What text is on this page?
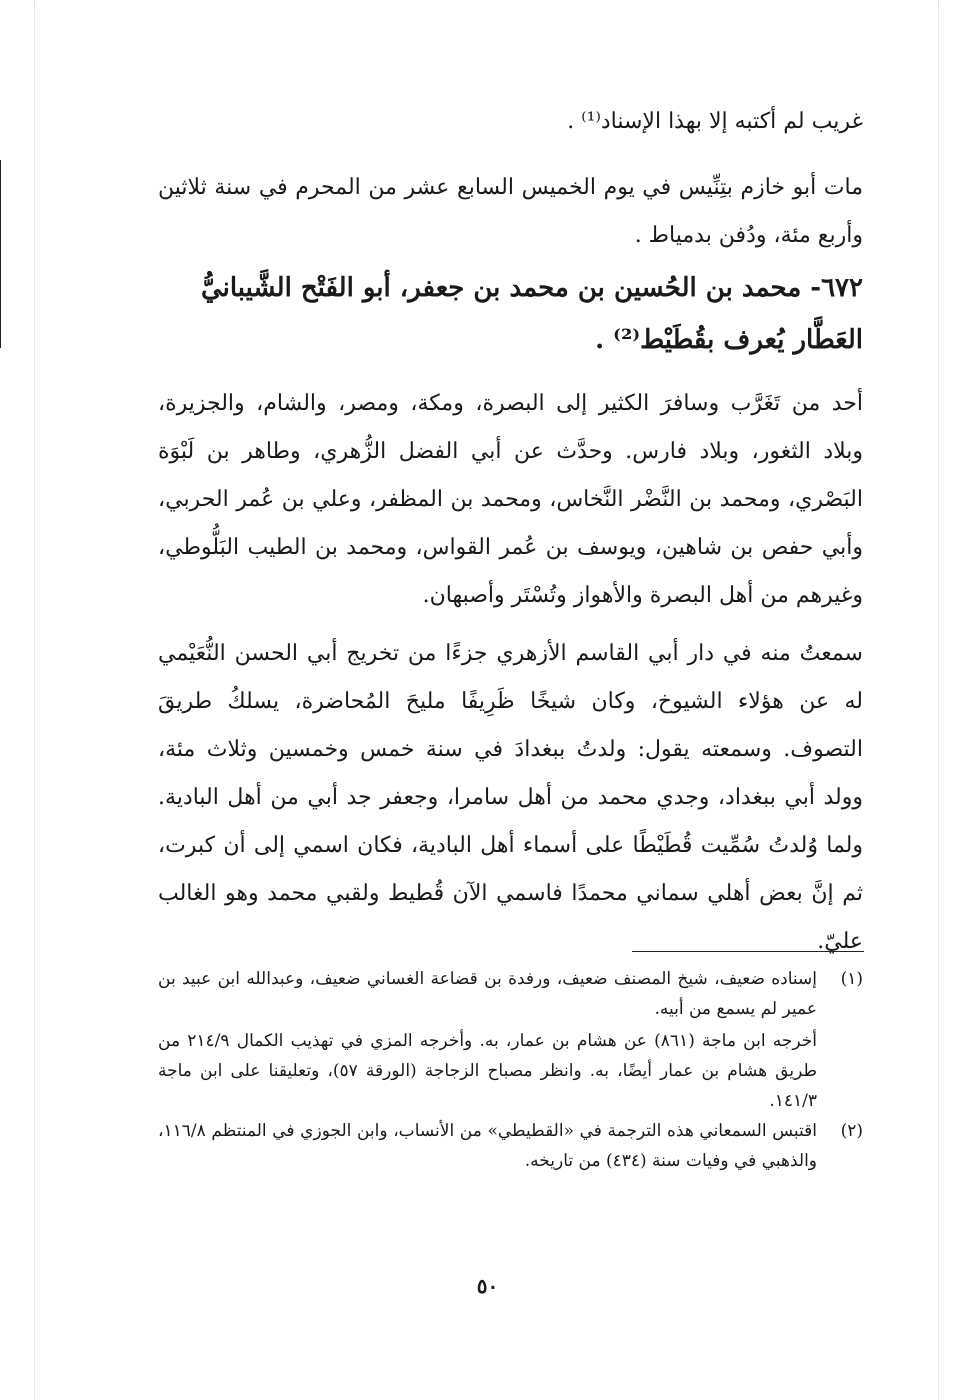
غريب لم أكتبه إلا بهذا الإسناد⁽¹⁾ .
مات أبو خازم بتِنِّيس في يوم الخميس السابع عشر من المحرم في سنة ثلاثين وأربع مئة، ودُفن بدمياط .
٦٧٢- محمد بن الحُسين بن محمد بن جعفر، أبو الفَتْح الشَّيبانيُّ العَطَّار يُعرف بقُطَيْط⁽²⁾ .
أحد من تَغَرَّب وسافرَ الكثير إلى البصرة، ومكة، ومصر، والشام، والجزيرة، وبلاد الثغور، وبلاد فارس. وحدَّث عن أبي الفضل الزُّهري، وطاهر بن لَبْوَة البَصْري، ومحمد بن النَّضْر النَّخاس، ومحمد بن المظفر، وعلي بن عُمر الحربي، وأبي حفص بن شاهين، ويوسف بن عُمر القواس، ومحمد بن الطيب البَلُّوطي، وغيرهم من أهل البصرة والأهواز وتُسْتَر وأصبهان.
سمعتُ منه في دار أبي القاسم الأزهري جزءًا من تخريج أبي الحسن النُّعَيْمي له عن هؤلاء الشيوخ، وكان شيخًا ظَرِيفًا مليحَ المُحاضرة، يسلكُ طريقَ التصوف. وسمعته يقول: ولدتُ ببغدادَ في سنة خمس وخمسين وثلاث مئة، وولد أبي ببغداد، وجدي محمد من أهل سامرا، وجعفر جد أبي من أهل البادية. ولما وُلدتُ سُمِّيت قُطَيْطًا على أسماء أهل البادية، فكان اسمي إلى أن كبرت، ثم إنَّ بعض أهلي سماني محمدًا فاسمي الآن قُطيط ولقبي محمد وهو الغالب عليّ.
(١)

إسناده ضعيف، شيخ المصنف ضعيف، ورفدة بن قضاعة الغساني ضعيف، وعبدالله ابن عبيد بن عمير لم يسمع من أبيه.

أخرجه ابن ماجة (٨٦١) عن هشام بن عمار، به. وأخرجه المزي في تهذيب الكمال ٢١٤/٩ من طريق هشام بن عمار أيضًا، به. وانظر مصباح الزجاجة (الورقة ٥٧)، وتعليقنا على ابن ماجة ١٤١/٣.

(٢)

اقتبس السمعاني هذه الترجمة في «القطيطي» من الأنساب، وابن الجوزي في المنتظم ١١٦/٨، والذهبي في وفيات سنة (٤٣٤) من تاريخه.

٥٠
